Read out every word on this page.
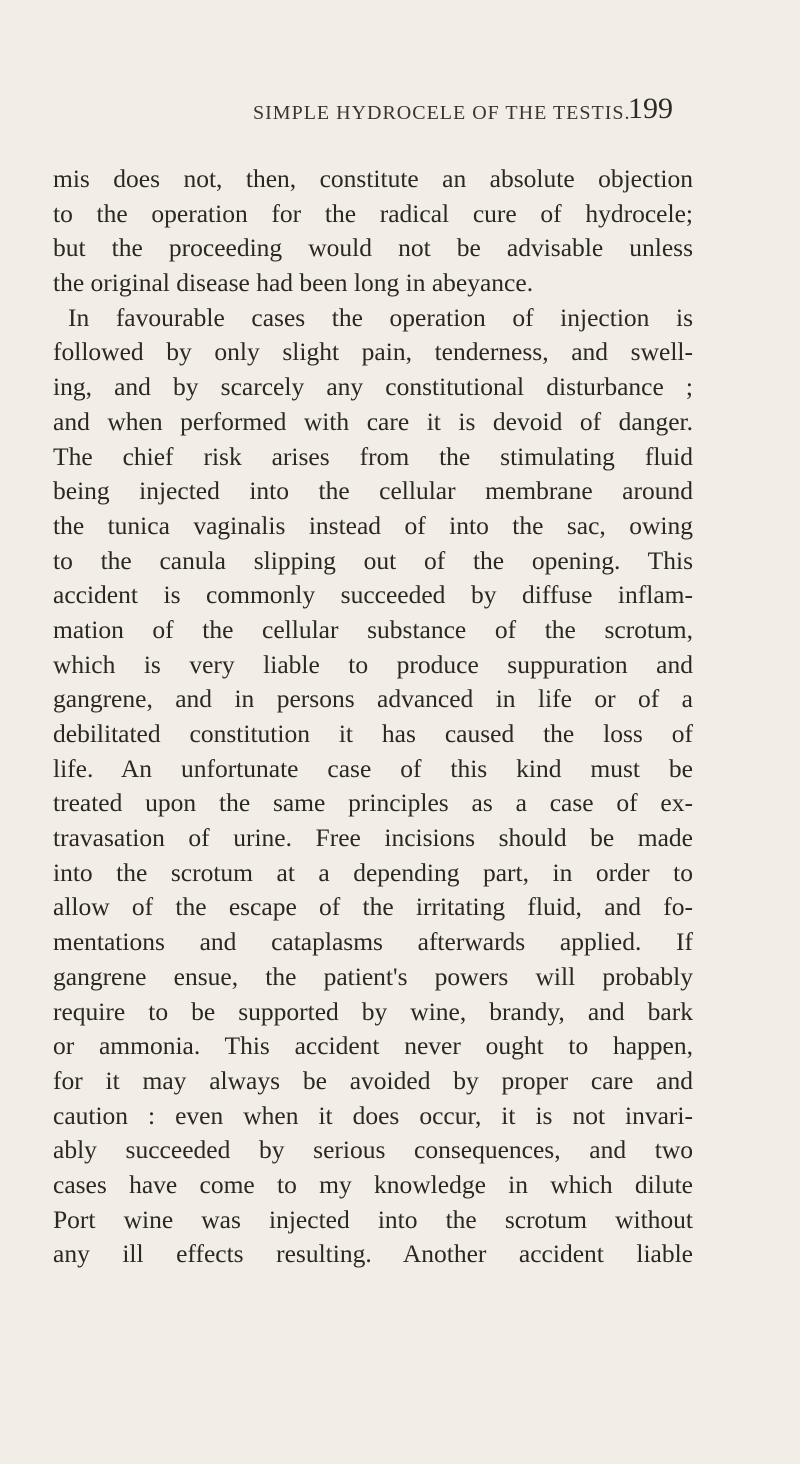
SIMPLE HYDROCELE OF THE TESTIS.
199
mis does not, then, constitute an absolute objection
to the operation for the radical cure of hydrocele;
but the proceeding would not be advisable unless
the original disease had been long in abeyance.
In favourable cases the operation of injection is
followed by only slight pain, tenderness, and swell-
ing, and by scarcely any constitutional disturbance ;
and when performed with care it is devoid of danger.
The chief risk arises from the stimulating fluid
being injected into the cellular membrane around
the tunica vaginalis instead of into the sac, owing
to the canula slipping out of the opening. This
accident is commonly succeeded by diffuse inflam-
mation of the cellular substance of the scrotum,
which is very liable to produce suppuration and
gangrene, and in persons advanced in life or of a
debilitated constitution it has caused the loss of
life. An unfortunate case of this kind must be
treated upon the same principles as a case of ex-
travasation of urine. Free incisions should be made
into the scrotum at a depending part, in order to
allow of the escape of the irritating fluid, and fo-
mentations and cataplasms afterwards applied. If
gangrene ensue, the patient's powers will probably
require to be supported by wine, brandy, and bark
or ammonia. This accident never ought to happen,
for it may always be avoided by proper care and
caution : even when it does occur, it is not invari-
ably succeeded by serious consequences, and two
cases have come to my knowledge in which dilute
Port wine was injected into the scrotum without
any ill effects resulting. Another accident liable
